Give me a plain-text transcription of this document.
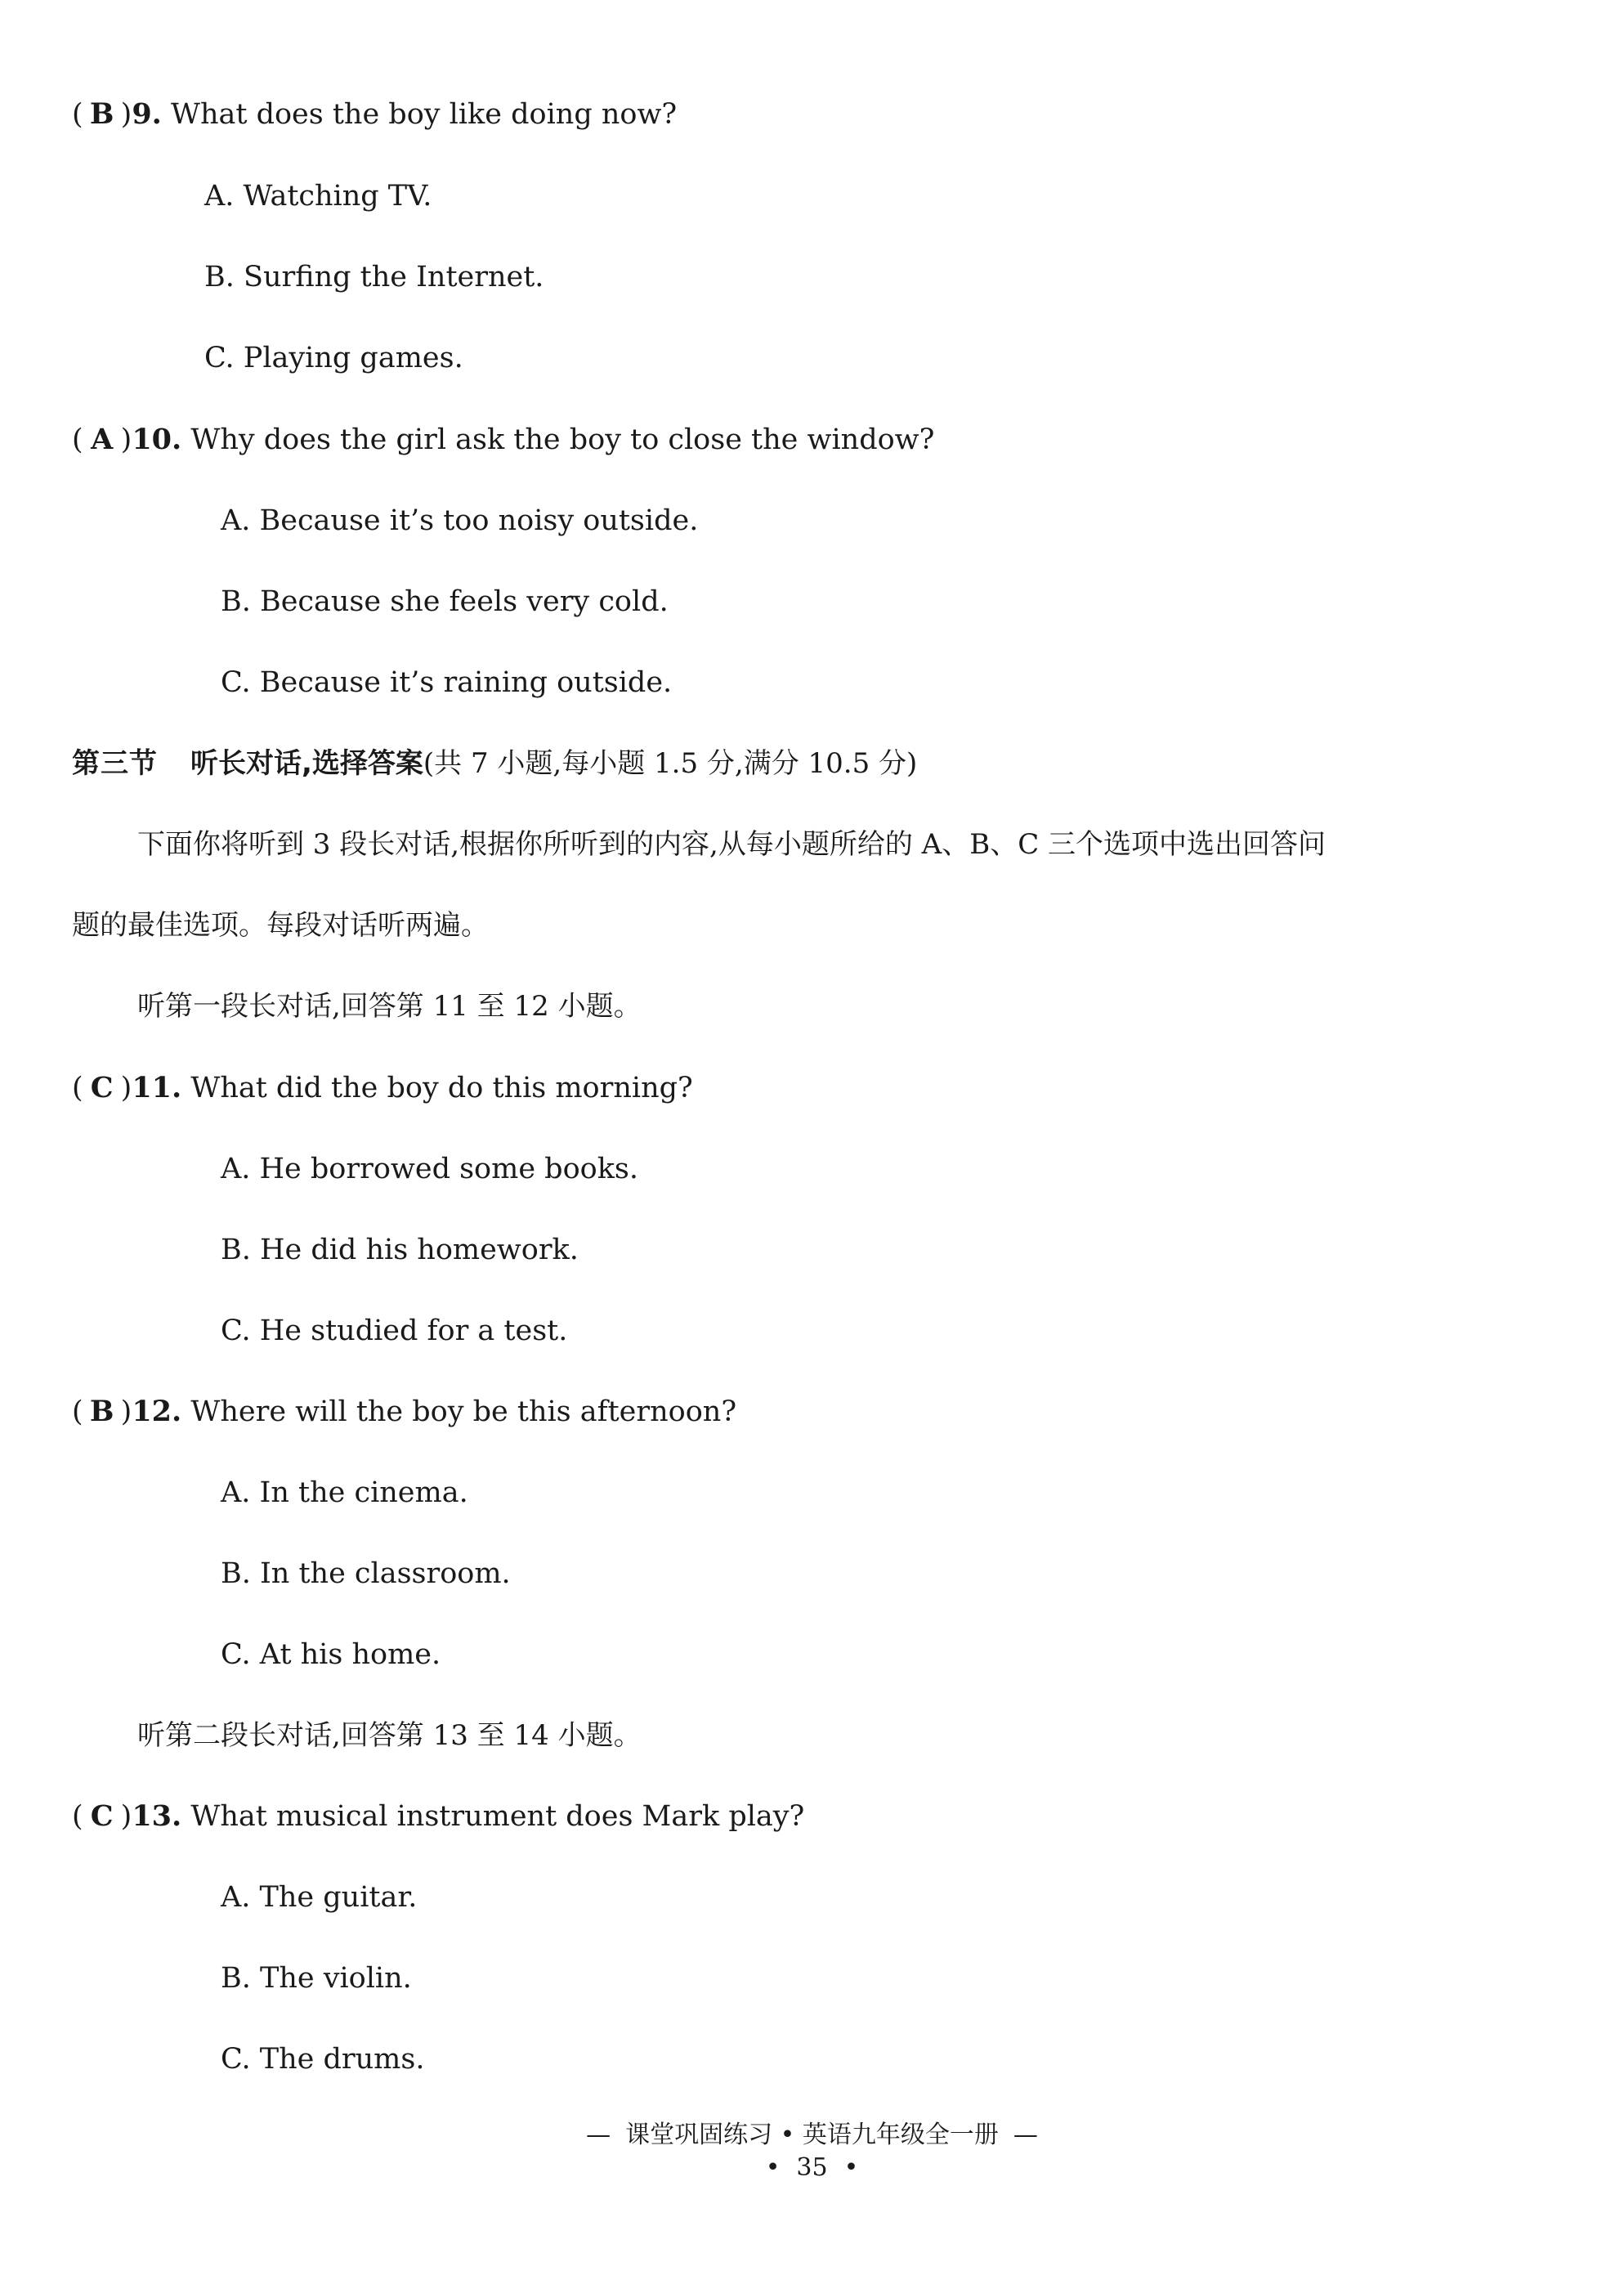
( B )9. What does the boy like doing now?
A. Watching TV.
B. Surfing the Internet.
C. Playing games.
( A )10. Why does the girl ask the boy to close the window?
A. Because it’s too noisy outside.
B. Because she feels very cold.
C. Because it’s raining outside.
第三节 听长对话,选择答案(共 7 小题,每小题 1.5 分,满分 10.5 分)
下面你将听到 3 段长对话,根据你所听到的内容,从每小题所给的 A、B、C 三个选项中选出回答问
题的最佳选项。每段对话听两遍。
听第一段长对话,回答第 11 至 12 小题。
( C )11. What did the boy do this morning?
A. He borrowed some books.
B. He did his homework.
C. He studied for a test.
( B )12. Where will the boy be this afternoon?
A. In the cinema.
B. In the classroom.
C. At his home.
听第二段长对话,回答第 13 至 14 小题。
( C )13. What musical instrument does Mark play?
A. The guitar.
B. The violin.
C. The drums.
— 课堂巩固练习 • 英语九年级全一册 —
• 35 •
